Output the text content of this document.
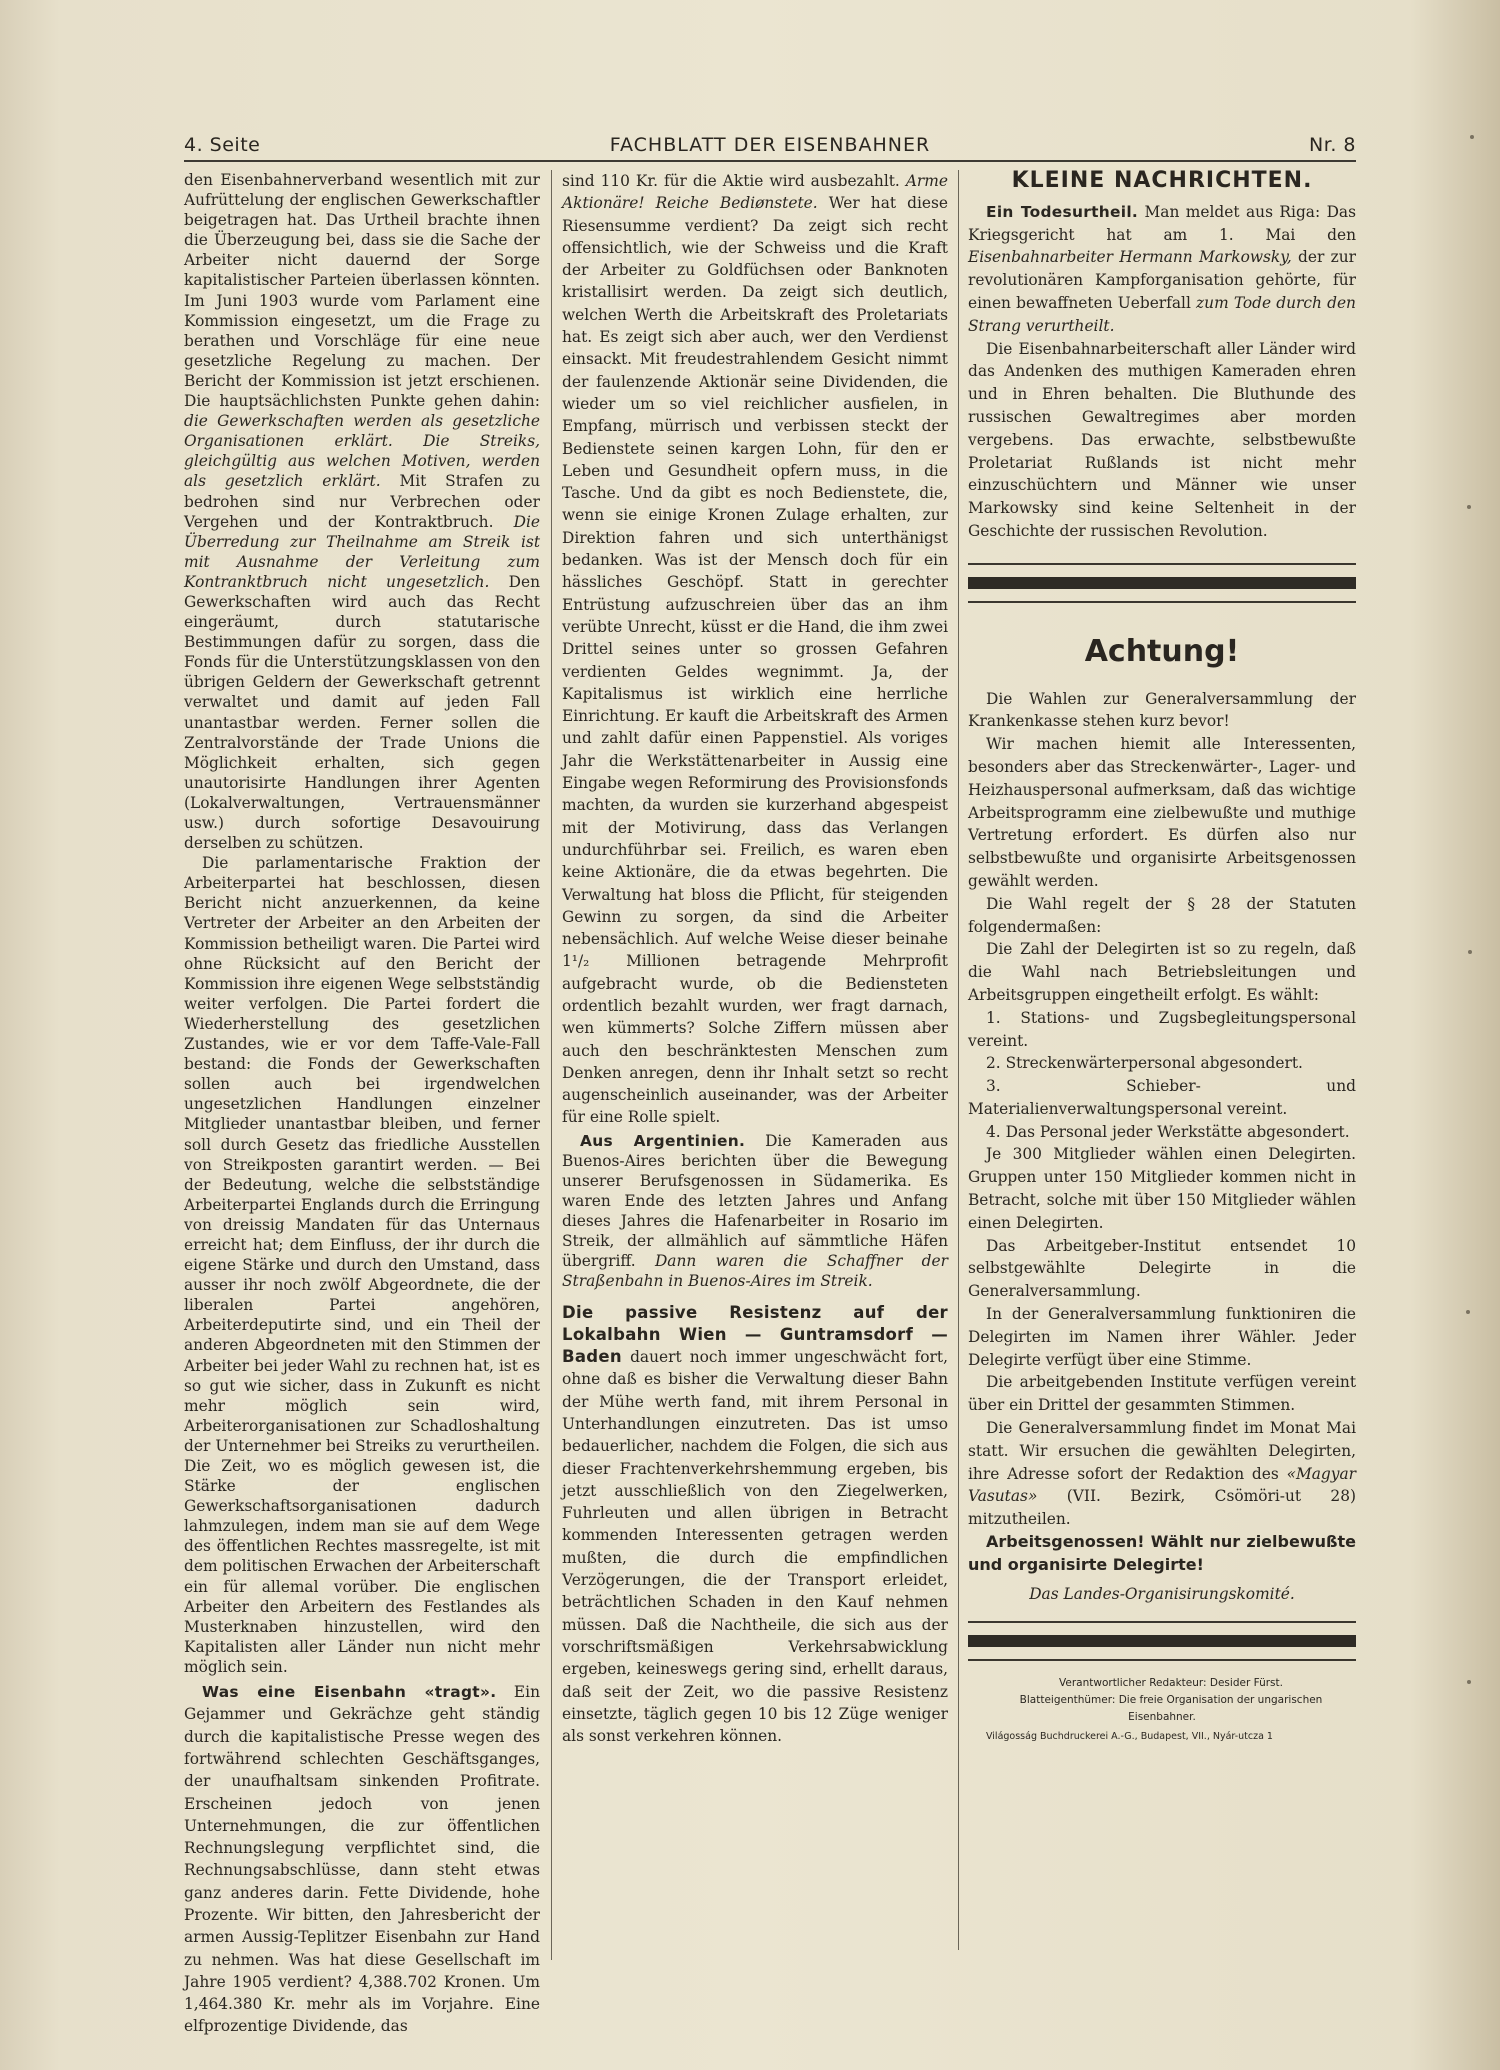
4. Seite	FACHBLATT DER EISENBAHNER	Nr. 8

den Eisenbahnerverband wesentlich mit zur Aufrüttelung der englischen Gewerkschaftler beigetragen hat. Das Urtheil brachte ihnen die Überzeugung bei, dass sie die Sache der Arbeiter nicht dauernd der Sorge kapitalistischer Parteien überlassen könnten. Im Juni 1903 wurde vom Parlament eine Kommission eingesetzt, um die Frage zu berathen und Vorschläge für eine neue gesetzliche Regelung zu machen. Der Bericht der Kommission ist jetzt erschienen. Die hauptsächlichsten Punkte gehen dahin: die Gewerkschaften werden als gesetzliche Organisationen erklärt. Die Streiks, gleichgültig aus welchen Motiven, werden als gesetzlich erklärt. Mit Strafen zu bedrohen sind nur Verbrechen oder Vergehen und der Kontraktbruch. Die Überredung zur Theilnahme am Streik ist mit Ausnahme der Verleitung zum Kontranktbruch nicht ungesetzlich. Den Gewerkschaften wird auch das Recht eingeräumt, durch statutarische Bestimmungen dafür zu sorgen, dass die Fonds für die Unterstützungsklassen von den übrigen Geldern der Gewerkschaft getrennt verwaltet und damit auf jeden Fall unantastbar werden. Ferner sollen die Zentralvorstände der Trade Unions die Möglichkeit erhalten, sich gegen unautorisirte Handlungen ihrer Agenten (Lokalverwaltungen, Vertrauensmänner usw.) durch sofortige Desavouirung derselben zu schützen.

Die parlamentarische Fraktion der Arbeiterpartei hat beschlossen, diesen Bericht nicht anzuerkennen, da keine Vertreter der Arbeiter an den Arbeiten der Kommission betheiligt waren. Die Partei wird ohne Rücksicht auf den Bericht der Kommission ihre eigenen Wege selbstständig weiter verfolgen. Die Partei fordert die Wiederherstellung des gesetzlichen Zustandes, wie er vor dem Taffe-Vale-Fall bestand: die Fonds der Gewerkschaften sollen auch bei irgendwelchen ungesetzlichen Handlungen einzelner Mitglieder unantastbar bleiben, und ferner soll durch Gesetz das friedliche Ausstellen von Streikposten garantirt werden. — Bei der Bedeutung, welche die selbstständige Arbeiterpartei Englands durch die Erringung von dreissig Mandaten für das Unternaus erreicht hat; dem Einfluss, der ihr durch die eigene Stärke und durch den Umstand, dass ausser ihr noch zwölf Abgeordnete, die der liberalen Partei angehören, Arbeiterdeputirte sind, und ein Theil der anderen Abgeordneten mit den Stimmen der Arbeiter bei jeder Wahl zu rechnen hat, ist es so gut wie sicher, dass in Zukunft es nicht mehr möglich sein wird, Arbeiterorganisationen zur Schadloshaltung der Unternehmer bei Streiks zu verurtheilen. Die Zeit, wo es möglich gewesen ist, die Stärke der englischen Gewerkschaftsorganisationen dadurch lahmzulegen, indem man sie auf dem Wege des öffentlichen Rechtes massregelte, ist mit dem politischen Erwachen der Arbeiterschaft ein für allemal vorüber. Die englischen Arbeiter den Arbeitern des Festlandes als Musterknaben hinzustellen, wird den Kapitalisten aller Länder nun nicht mehr möglich sein.

Was eine Eisenbahn «tragt». Ein Gejammer und Gekrächze geht ständig durch die kapitalistische Presse wegen des fortwährend schlechten Geschäftsganges, der unaufhaltsam sinkenden Profitrate. Erscheinen jedoch von jenen Unternehmungen, die zur öffentlichen Rechnungslegung verpflichtet sind, die Rechnungsabschlüsse, dann steht etwas ganz anderes darin. Fette Dividende, hohe Prozente. Wir bitten, den Jahresbericht der armen Aussig-Teplitzer Eisenbahn zur Hand zu nehmen. Was hat diese Gesellschaft im Jahre 1905 verdient? 4,388.702 Kronen. Um 1,464.380 Kr. mehr als im Vorjahre. Eine elfprozentige Dividende, das

sind 110 Kr. für die Aktie wird ausbezahlt. Arme Aktionäre! Reiche Bediønstete. Wer hat diese Riesensumme verdient? Da zeigt sich recht offensichtlich, wie der Schweiss und die Kraft der Arbeiter zu Goldfüchsen oder Banknoten kristallisirt werden. Da zeigt sich deutlich, welchen Werth die Arbeitskraft des Proletariats hat. Es zeigt sich aber auch, wer den Verdienst einsackt. Mit freudestrahlendem Gesicht nimmt der faulenzende Aktionär seine Dividenden, die wieder um so viel reichlicher ausfielen, in Empfang, mürrisch und verbissen steckt der Bedienstete seinen kargen Lohn, für den er Leben und Gesundheit opfern muss, in die Tasche. Und da gibt es noch Bedienstete, die, wenn sie einige Kronen Zulage erhalten, zur Direktion fahren und sich unterthänigst bedanken. Was ist der Mensch doch für ein hässliches Geschöpf. Statt in gerechter Entrüstung aufzuschreien über das an ihm verübte Unrecht, küsst er die Hand, die ihm zwei Drittel seines unter so grossen Gefahren verdienten Geldes wegnimmt. Ja, der Kapitalismus ist wirklich eine herrliche Einrichtung. Er kauft die Arbeitskraft des Armen und zahlt dafür einen Pappenstiel. Als voriges Jahr die Werkstättenarbeiter in Aussig eine Eingabe wegen Reformirung des Provisionsfonds machten, da wurden sie kurzerhand abgespeist mit der Motivirung, dass das Verlangen undurchführbar sei. Freilich, es waren eben keine Aktionäre, die da etwas begehrten. Die Verwaltung hat bloss die Pflicht, für steigenden Gewinn zu sorgen, da sind die Arbeiter nebensächlich. Auf welche Weise dieser beinahe 1¹/₂ Millionen betragende Mehrprofit aufgebracht wurde, ob die Bediensteten ordentlich bezahlt wurden, wer fragt darnach, wen kümmerts? Solche Ziffern müssen aber auch den beschränktesten Menschen zum Denken anregen, denn ihr Inhalt setzt so recht augenscheinlich auseinander, was der Arbeiter für eine Rolle spielt.

Aus Argentinien. Die Kameraden aus Buenos-Aires berichten über die Bewegung unserer Berufsgenossen in Südamerika. Es waren Ende des letzten Jahres und Anfang dieses Jahres die Hafenarbeiter in Rosario im Streik, der allmählich auf sämmtliche Häfen übergriff. Dann waren die Schaffner der Straßenbahn in Buenos-Aires im Streik.

Die passive Resistenz auf der Lokalbahn Wien — Guntramsdorf — Baden dauert noch immer ungeschwächt fort, ohne daß es bisher die Verwaltung dieser Bahn der Mühe werth fand, mit ihrem Personal in Unterhandlungen einzutreten. Das ist umso bedauerlicher, nachdem die Folgen, die sich aus dieser Frachtenverkehrshemmung ergeben, bis jetzt ausschließlich von den Ziegelwerken, Fuhrleuten und allen übrigen in Betracht kommenden Interessenten getragen werden mußten, die durch die empfindlichen Verzögerungen, die der Transport erleidet, beträchtlichen Schaden in den Kauf nehmen müssen. Daß die Nachtheile, die sich aus der vorschriftsmäßigen Verkehrsabwicklung ergeben, keineswegs gering sind, erhellt daraus, daß seit der Zeit, wo die passive Resistenz einsetzte, täglich gegen 10 bis 12 Züge weniger als sonst verkehren können.

KLEINE NACHRICHTEN.

Ein Todesurtheil. Man meldet aus Riga: Das Kriegsgericht hat am 1. Mai den Eisenbahnarbeiter Hermann Markowsky, der zur revolutionären Kampforganisation gehörte, für einen bewaffneten Ueberfall zum Tode durch den Strang verurtheilt.

Die Eisenbahnarbeiterschaft aller Länder wird das Andenken des muthigen Kameraden ehren und in Ehren behalten. Die Bluthunde des russischen Gewaltregimes aber morden vergebens. Das erwachte, selbstbewußte Proletariat Rußlands ist nicht mehr einzuschüchtern und Männer wie unser Markowsky sind keine Seltenheit in der Geschichte der russischen Revolution.

Achtung!

Die Wahlen zur Generalversammlung der Krankenkasse stehen kurz bevor!

Wir machen hiemit alle Interessenten, besonders aber das Streckenwärter-, Lager- und Heizhauspersonal aufmerksam, daß das wichtige Arbeitsprogramm eine zielbewußte und muthige Vertretung erfordert. Es dürfen also nur selbstbewußte und organisirte Arbeitsgenossen gewählt werden.

Die Wahl regelt der § 28 der Statuten folgendermaßen:

Die Zahl der Delegirten ist so zu regeln, daß die Wahl nach Betriebsleitungen und Arbeitsgruppen eingetheilt erfolgt. Es wählt:

1. Stations- und Zugsbegleitungspersonal vereint.

2. Streckenwärterpersonal abgesondert.

3. Schieber- und Materialienverwaltungspersonal vereint.

4. Das Personal jeder Werkstätte abgesondert.

Je 300 Mitglieder wählen einen Delegirten. Gruppen unter 150 Mitglieder kommen nicht in Betracht, solche mit über 150 Mitglieder wählen einen Delegirten.

Das Arbeitgeber-Institut entsendet 10 selbstgewählte Delegirte in die Generalversammlung.

In der Generalversammlung funktioniren die Delegirten im Namen ihrer Wähler. Jeder Delegirte verfügt über eine Stimme.

Die arbeitgebenden Institute verfügen vereint über ein Drittel der gesammten Stimmen.

Die Generalversammlung findet im Monat Mai statt. Wir ersuchen die gewählten Delegirten, ihre Adresse sofort der Redaktion des «Magyar Vasutas» (VII. Bezirk, Csömöri-ut 28) mitzutheilen.

Arbeitsgenossen! Wählt nur zielbewußte und organisirte Delegirte!

Das Landes-Organisirungskomité.

Verantwortlicher Redakteur: Desider Fürst.

Blatteigenthümer: Die freie Organisation der ungarischen Eisenbahner.

Világosság Buchdruckerei A.-G., Budapest, VII., Nyár-utcza 1
